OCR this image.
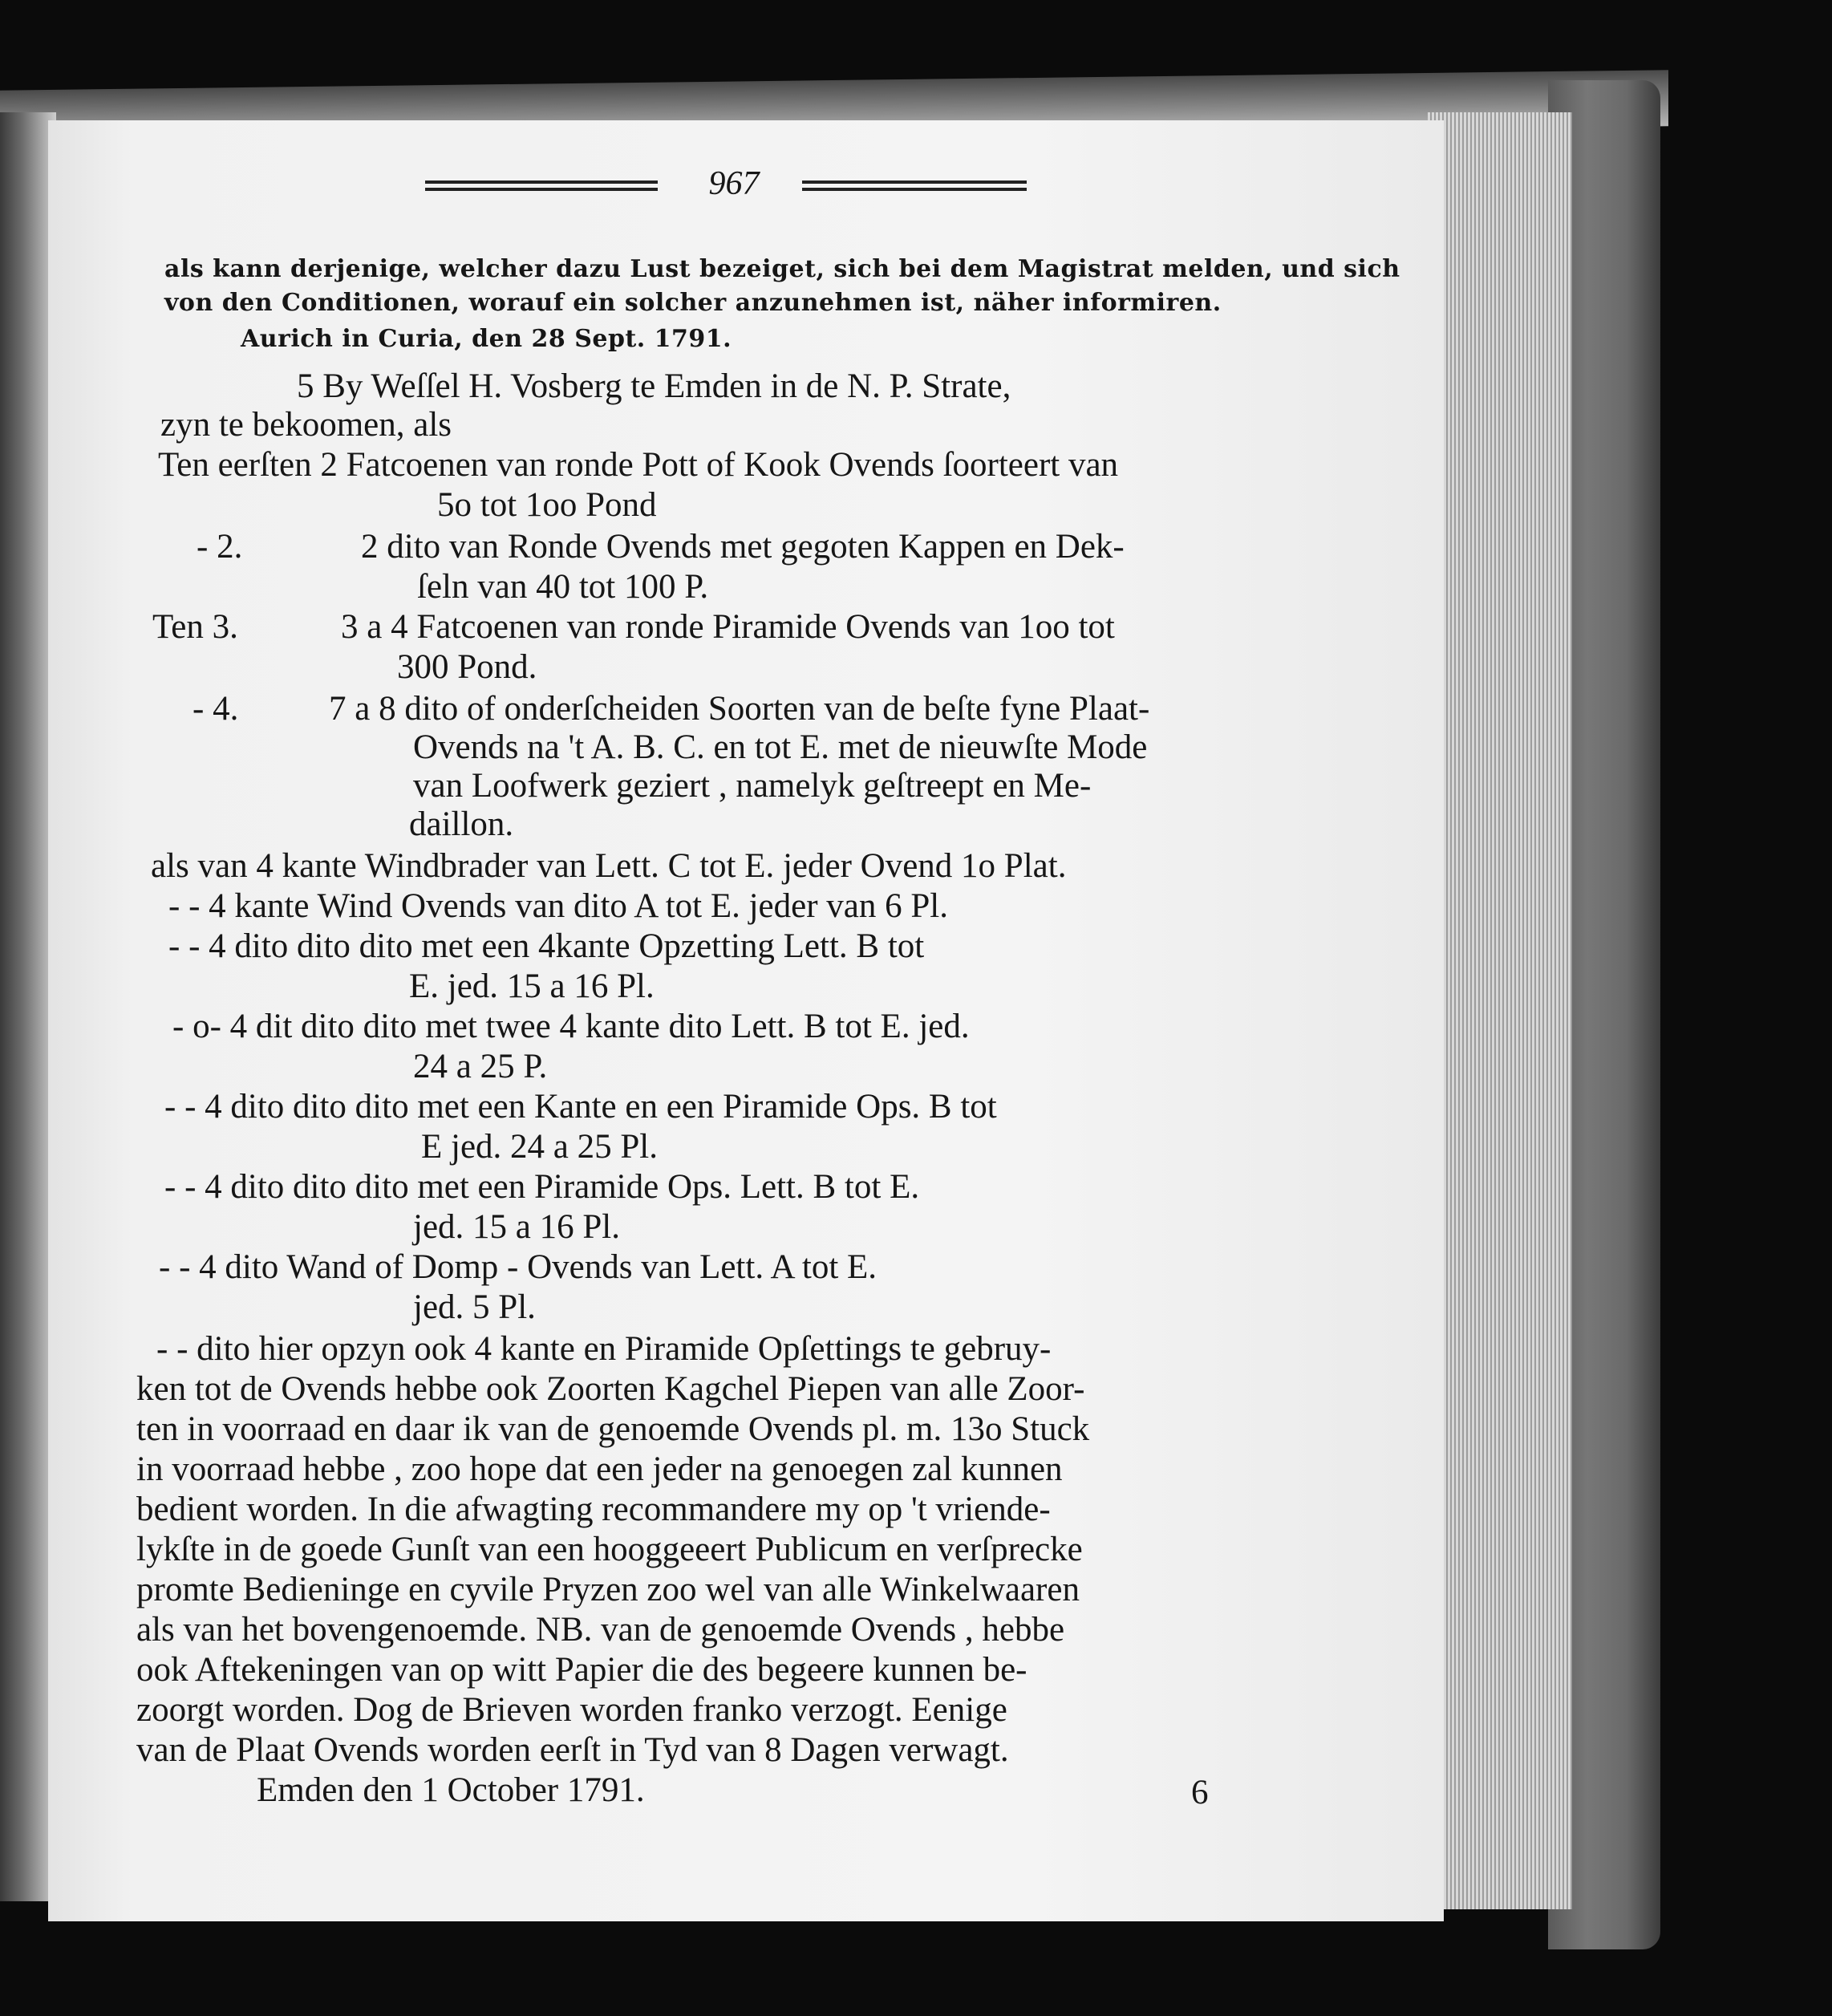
967
als kann derjenige, welcher dazu Lust bezeiget, sich bei dem Magistrat melden, und sich
von den Conditionen, worauf ein solcher anzunehmen ist, näher informiren.
Aurich in Curia, den 28 Sept. 1791.
5 By Weſſel H. Vosberg te Emden in de N. P. Strate,
zyn te bekoomen, als
Ten eerſten 2 Fatcoenen van ronde Pott of Kook Ovends ſoorteert van
5o tot 1oo Pond
- 2.	2 dito van Ronde Ovends met gegoten Kappen en Dek-
ſeln van 40 tot 100 P.
Ten 3.	3 a 4 Fatcoenen van ronde Piramide Ovends van 1oo tot
300 Pond.
- 4.	7 a 8 dito of onderſcheiden Soorten van de beſte fyne Plaat-
Ovends na 't A. B. C. en tot E. met de nieuwſte Mode
van Loofwerk geziert , namelyk geſtreept en Me-
daillon.
als van 4 kante Windbrader van Lett. C tot E. jeder Ovend 1o Plat.
- - 4 kante Wind Ovends van dito A tot E. jeder van 6 Pl.
- - 4 dito dito dito met een 4kante Opzetting Lett. B tot
E. jed. 15 a 16 Pl.
- o- 4 dit dito dito met twee 4 kante dito Lett. B tot E. jed.
24 a 25 P.
- - 4 dito dito dito met een Kante en een Piramide Ops. B tot
E jed. 24 a 25 Pl.
- - 4 dito dito dito met een Piramide Ops. Lett. B tot E.
jed. 15 a 16 Pl.
- - 4 dito Wand of Domp - Ovends van Lett. A tot E.
jed. 5 Pl.
- - dito hier opzyn ook 4 kante en Piramide Opſettings te gebruy-
ken tot de Ovends hebbe ook Zoorten Kagchel Piepen van alle Zoor-
ten in voorraad en daar ik van de genoemde Ovends pl. m. 13o Stuck
in voorraad hebbe , zoo hope dat een jeder na genoegen zal kunnen
bedient worden. In die afwagting recommandere my op 't vriende-
lykſte in de goede Gunſt van een hooggeeert Publicum en verſprecke
promte Bedieninge en cyvile Pryzen zoo wel van alle Winkelwaaren
als van het bovengenoemde. NB. van de genoemde Ovends , hebbe
ook Aftekeningen van op witt Papier die des begeere kunnen be-
zoorgt worden. Dog de Brieven worden franko verzogt. Eenige
van de Plaat Ovends worden eerſt in Tyd van 8 Dagen verwagt.
Emden den 1 October 1791.	6
